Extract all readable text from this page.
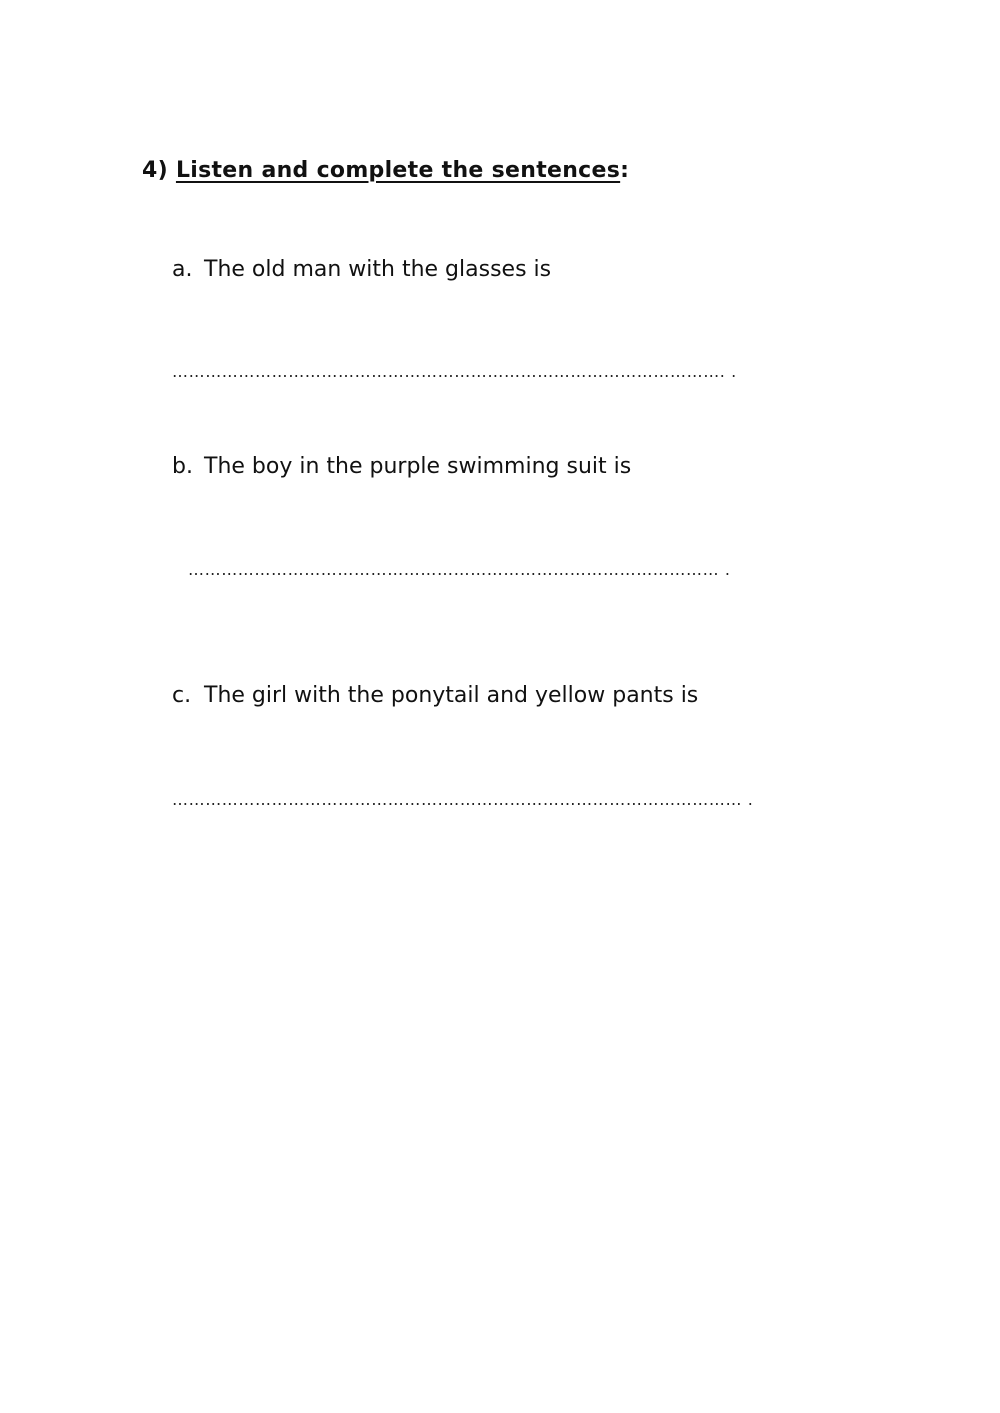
4) Listen and complete the sentences:
a. The old man with the glasses is
………………………………………………………………………………………. .
b. The boy in the purple swimming suit is
…………………………………………………………………………………… .
c. The girl with the ponytail and yellow pants is
………………………………………….……………………………………………… .
